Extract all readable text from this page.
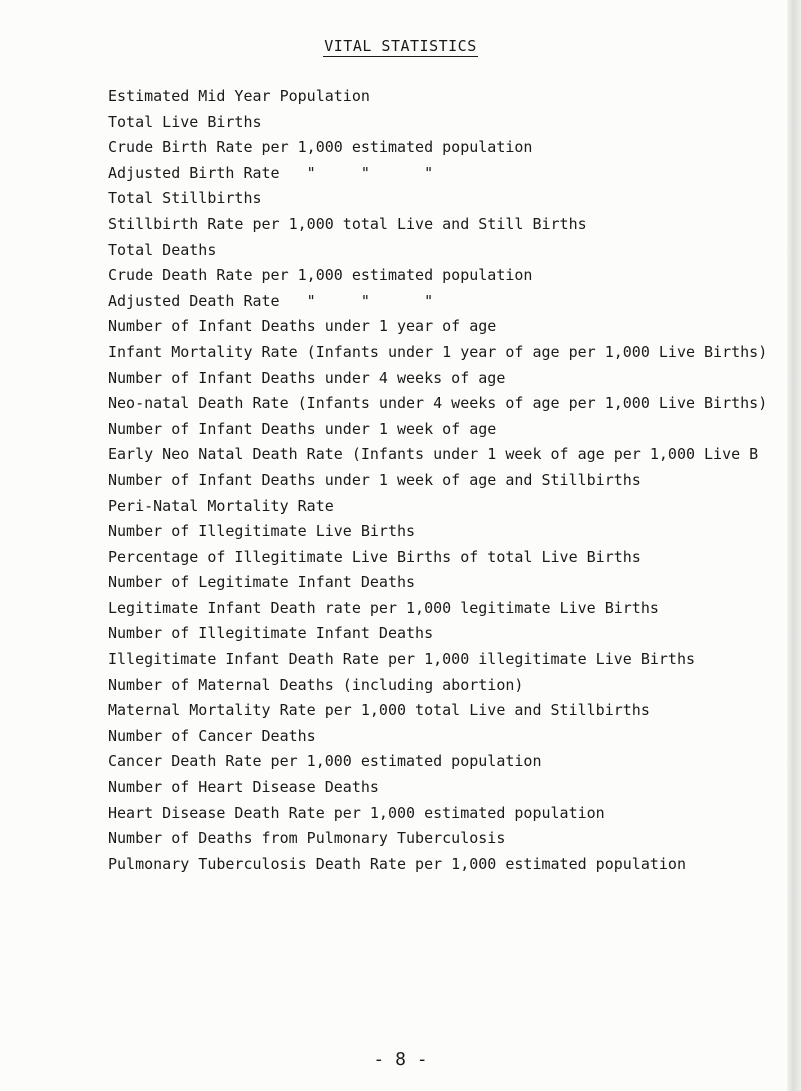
VITAL STATISTICS
Estimated Mid Year Population
Total Live Births
Crude Birth Rate per 1,000 estimated population
Adjusted Birth Rate   "     "      "
Total Stillbirths
Stillbirth Rate per 1,000 total Live and Still Births
Total Deaths
Crude Death Rate per 1,000 estimated population
Adjusted Death Rate   "     "      "
Number of Infant Deaths under 1 year of age
Infant Mortality Rate (Infants under 1 year of age per 1,000 Live Births)
Number of Infant Deaths under 4 weeks of age
Neo-natal Death Rate (Infants under 4 weeks of age per 1,000 Live Births)
Number of Infant Deaths under 1 week of age
Early Neo Natal Death Rate (Infants under 1 week of age per 1,000 Live B
Number of Infant Deaths under 1 week of age and Stillbirths
Peri-Natal Mortality Rate
Number of Illegitimate Live Births
Percentage of Illegitimate Live Births of total Live Births
Number of Legitimate Infant Deaths
Legitimate Infant Death rate per 1,000 legitimate Live Births
Number of Illegitimate Infant Deaths
Illegitimate Infant Death Rate per 1,000 illegitimate Live Births
Number of Maternal Deaths (including abortion)
Maternal Mortality Rate per 1,000 total Live and Stillbirths
Number of Cancer Deaths
Cancer Death Rate per 1,000 estimated population
Number of Heart Disease Deaths
Heart Disease Death Rate per 1,000 estimated population
Number of Deaths from Pulmonary Tuberculosis
Pulmonary Tuberculosis Death Rate per 1,000 estimated population
- 8 -
